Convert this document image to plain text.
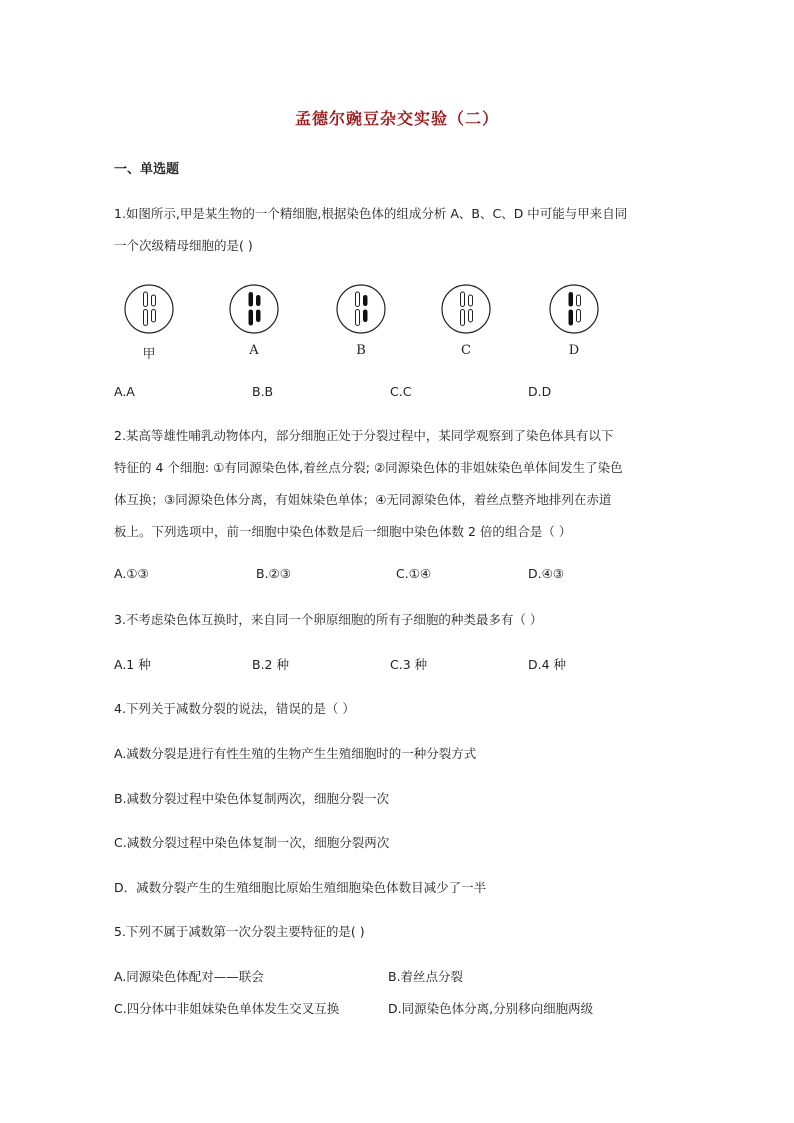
孟德尔豌豆杂交实验（二）
一、单选题
1.如图所示,甲是某生物的一个精细胞,根据染色体的组成分析 A、B、C、D 中可能与甲来自同
一个次级精母细胞的是( )
甲	A	B	C	D
A.A	B.B	C.C	D.D
2.某高等雄性哺乳动物体内，部分细胞正处于分裂过程中，某同学观察到了染色体具有以下
特征的 4 个细胞: ①有同源染色体,着丝点分裂; ②同源染色体的非姐妹染色单体间发生了染色
体互换；③同源染色体分离，有姐妹染色单体；④无同源染色体，着丝点整齐地排列在赤道
板上。下列选项中，前一细胞中染色体数是后一细胞中染色体数 2 倍的组合是（ ）
A.①③	B.②③	C.①④	D.④③
3.不考虑染色体互换时，来自同一个卵原细胞的所有子细胞的种类最多有（ ）
A.1 种	B.2 种	C.3 种	D.4 种
4.下列关于减数分裂的说法，错误的是（ ）
A.减数分裂是进行有性生殖的生物产生生殖细胞时的一种分裂方式
B.减数分裂过程中染色体复制两次，细胞分裂一次
C.减数分裂过程中染色体复制一次，细胞分裂两次
D．减数分裂产生的生殖细胞比原始生殖细胞染色体数目减少了一半
5.下列不属于减数第一次分裂主要特征的是( )
A.同源染色体配对——联会	B.着丝点分裂
C.四分体中非姐妹染色单体发生交叉互换	D.同源染色体分离,分别移向细胞两级
